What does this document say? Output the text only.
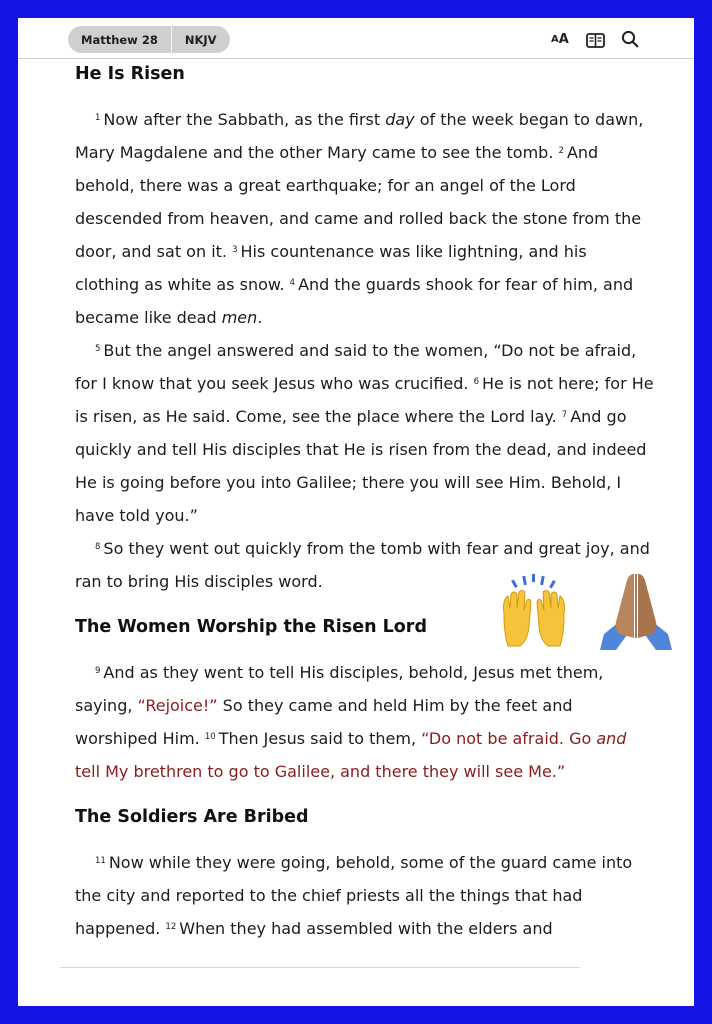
Matthew 28	NKJV	A A
He Is Risen

$^1$ Now after the Sabbath, as the first day of the week began to dawn, Mary Magdalene and the other Mary came to see the tomb. $^2$ And behold, there was a great earthquake; for an angel of the Lord descended from heaven, and came and rolled back the stone from the door, and sat on it. $^3$ His countenance was like lightning, and his clothing as white as snow. $^4$ And the guards shook for fear of him, and became like dead men.

$^5$ But the angel answered and said to the women, “Do not be afraid, for I know that you seek Jesus who was crucified. $^6$ He is not here; for He is risen, as He said. Come, see the place where the Lord lay. $^7$ And go quickly and tell His disciples that He is risen from the dead, and indeed He is going before you into Galilee; there you will see Him. Behold, I have told you.”

$^8$ So they went out quickly from the tomb with fear and great joy, and ran to bring His disciples word.

The Women Worship the Risen Lord

$^9$ And as they went to tell His disciples, behold, Jesus met them, saying, “Rejoice!” So they came and held Him by the feet and worshiped Him. $^{10}$ Then Jesus said to them, “Do not be afraid. Go and tell My brethren to go to Galilee, and there they will see Me.”

The Soldiers Are Bribed

$^{11}$ Now while they were going, behold, some of the guard came into the city and reported to the chief priests all the things that had happened. $^{12}$ When they had assembled with the elders and
